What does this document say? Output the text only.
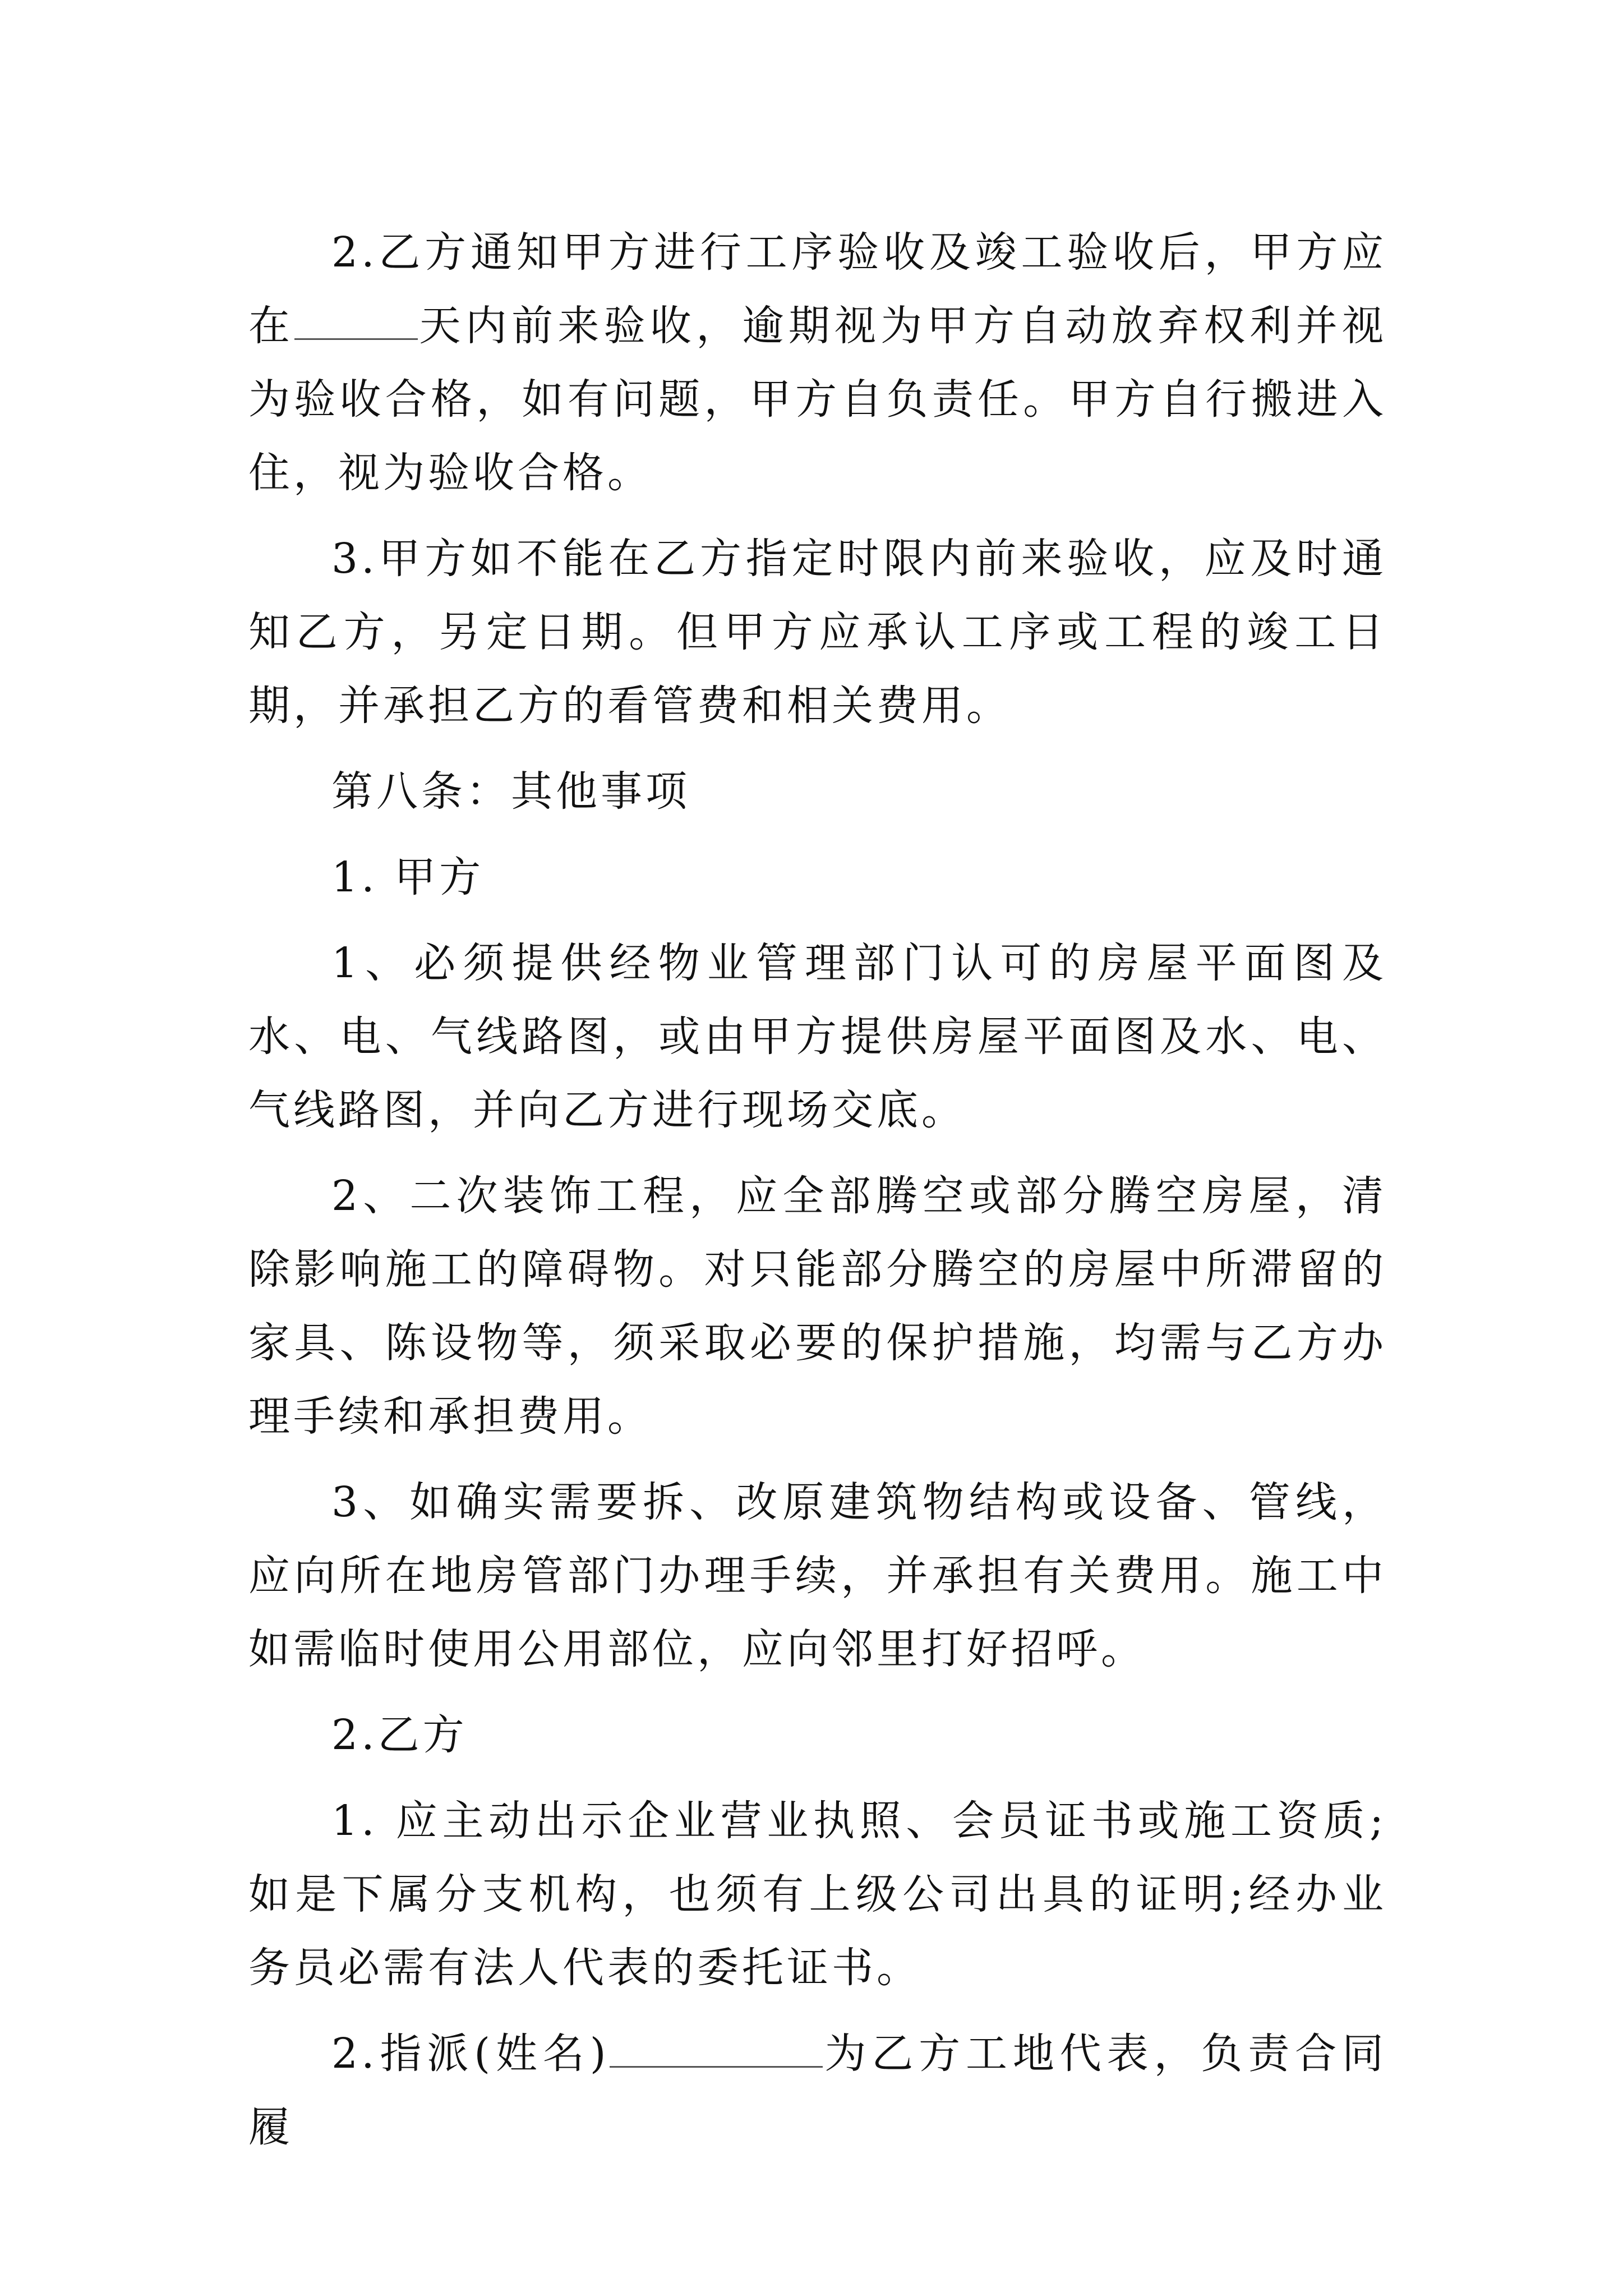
2.乙方通知甲方进行工序验收及竣工验收后，甲方应在	天内前来验收，逾期视为甲方自动放弃权利并视为验收合格，如有问题，甲方自负责任。甲方自行搬进入住，视为验收合格。

3.甲方如不能在乙方指定时限内前来验收，应及时通知乙方，另定日期。但甲方应承认工序或工程的竣工日期，并承担乙方的看管费和相关费用。

第八条：其他事项

1. 甲方

1、必须提供经物业管理部门认可的房屋平面图及水、电、气线路图，或由甲方提供房屋平面图及水、电、气线路图，并向乙方进行现场交底。

2、二次装饰工程，应全部腾空或部分腾空房屋，清除影响施工的障碍物。对只能部分腾空的房屋中所滞留的家具、陈设物等，须采取必要的保护措施，均需与乙方办理手续和承担费用。

3、如确实需要拆、改原建筑物结构或设备、管线，应向所在地房管部门办理手续，并承担有关费用。施工中如需临时使用公用部位，应向邻里打好招呼。

2.乙方

1. 应主动出示企业营业执照、会员证书或施工资质;如是下属分支机构，也须有上级公司出具的证明;经办业务员必需有法人代表的委托证书。

2.指派(姓名)	为乙方工地代表，负责合同履
